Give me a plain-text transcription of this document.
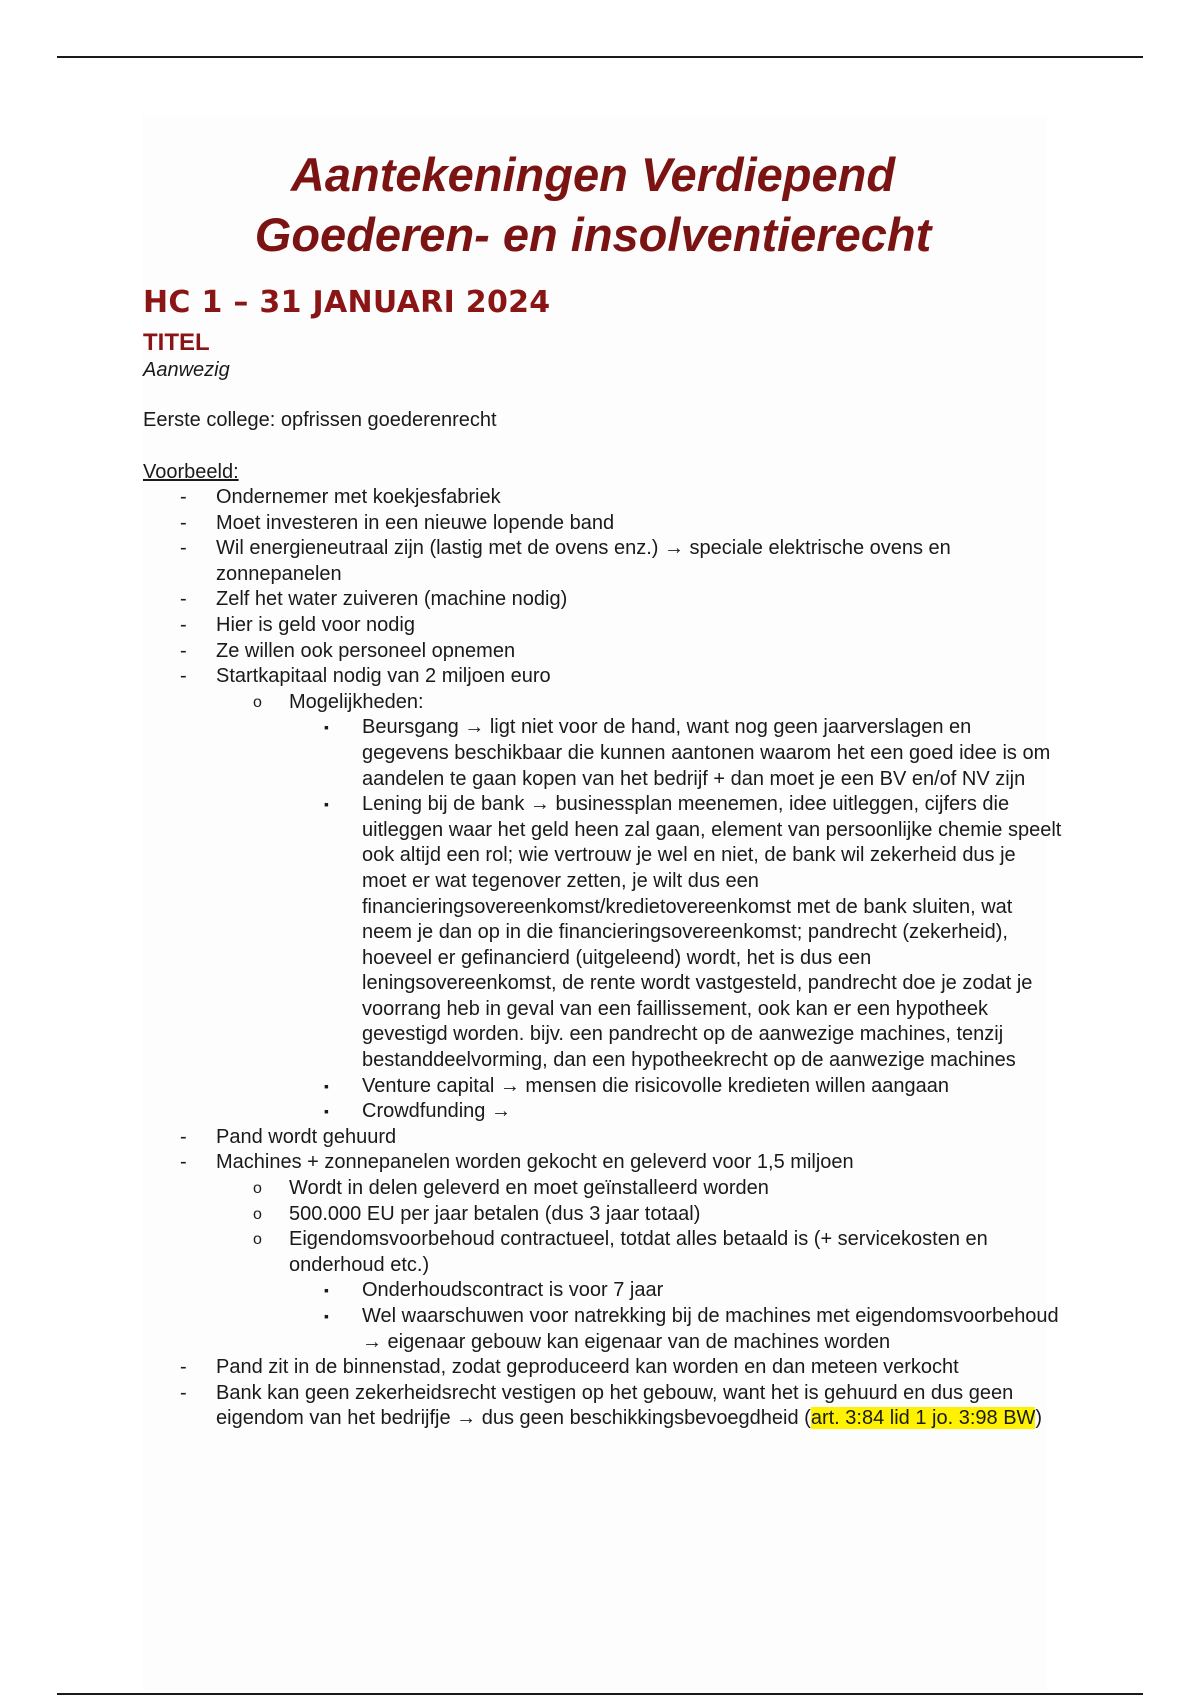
Aantekeningen Verdiepend
Goederen- en insolventierecht
HC 1 – 31 JANUARI 2024
TITEL

Aanwezig

Eerste college: opfrissen goederenrecht

Voorbeeld:

- Ondernemer met koekjesfabriek
- Moet investeren in een nieuwe lopende band
- Wil energieneutraal zijn (lastig met de ovens enz.) → speciale elektrische ovens en zonnepanelen
- Zelf het water zuiveren (machine nodig)
- Hier is geld voor nodig
- Ze willen ook personeel opnemen
- Startkapitaal nodig van 2 miljoen euro
o Mogelijkheden:
▪ Beursgang → ligt niet voor de hand, want nog geen jaarverslagen en gegevens beschikbaar die kunnen aantonen waarom het een goed idee is om aandelen te gaan kopen van het bedrijf + dan moet je een BV en/of NV zijn
▪ Lening bij de bank → businessplan meenemen, idee uitleggen, cijfers die uitleggen waar het geld heen zal gaan, element van persoonlijke chemie speelt ook altijd een rol; wie vertrouw je wel en niet, de bank wil zekerheid dus je moet er wat tegenover zetten, je wilt dus een financieringsovereenkomst/kredietovereenkomst met de bank sluiten, wat neem je dan op in die financieringsovereenkomst; pandrecht (zekerheid), hoeveel er gefinancierd (uitgeleend) wordt, het is dus een leningsovereenkomst, de rente wordt vastgesteld, pandrecht doe je zodat je voorrang heb in geval van een faillissement, ook kan er een hypotheek gevestigd worden. bijv. een pandrecht op de aanwezige machines, tenzij bestanddeelvorming, dan een hypotheekrecht op de aanwezige machines
▪ Venture capital → mensen die risicovolle kredieten willen aangaan
▪ Crowdfunding →
- Pand wordt gehuurd
- Machines + zonnepanelen worden gekocht en geleverd voor 1,5 miljoen
o Wordt in delen geleverd en moet geïnstalleerd worden
o 500.000 EU per jaar betalen (dus 3 jaar totaal)
o Eigendomsvoorbehoud contractueel, totdat alles betaald is (+ servicekosten en onderhoud etc.)
▪ Onderhoudscontract is voor 7 jaar
▪ Wel waarschuwen voor natrekking bij de machines met eigendomsvoorbehoud → eigenaar gebouw kan eigenaar van de machines worden
- Pand zit in de binnenstad, zodat geproduceerd kan worden en dan meteen verkocht
- Bank kan geen zekerheidsrecht vestigen op het gebouw, want het is gehuurd en dus geen eigendom van het bedrijfje → dus geen beschikkingsbevoegdheid (art. 3:84 lid 1 jo. 3:98 BW)
